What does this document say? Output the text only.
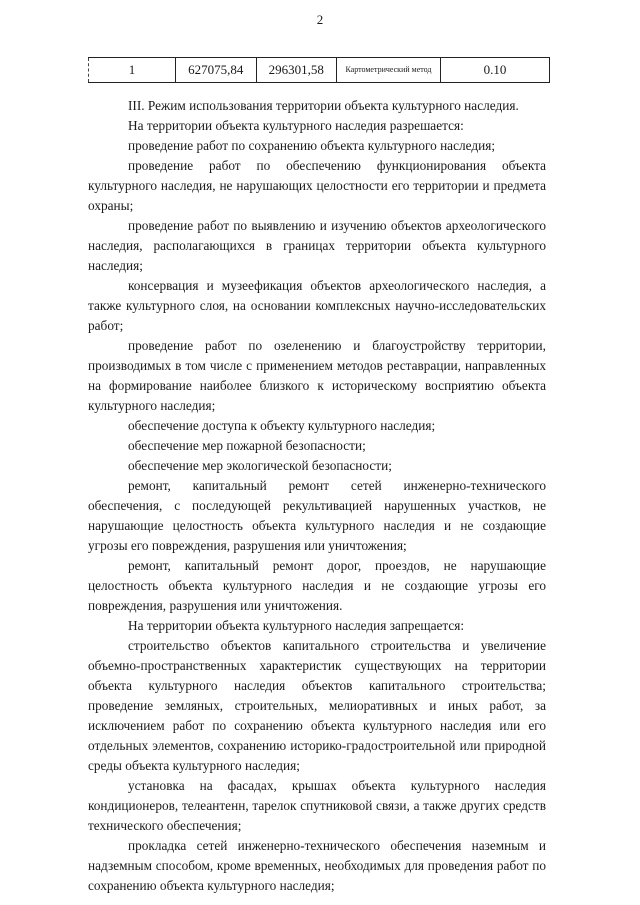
2
1	627075,84	296301,58	Картометрический метод	0.10

III. Режим использования территории объекта культурного наследия.

На территории объекта культурного наследия разрешается:

проведение работ по сохранению объекта культурного наследия;

проведение работ по обеспечению функционирования объекта культурного наследия, не нарушающих целостности его территории и предмета охраны;

проведение работ по выявлению и изучению объектов археологического наследия, располагающихся в границах территории объекта культурного наследия;

консервация и музеефикация объектов археологического наследия, а также культурного слоя, на основании комплексных научно-исследовательских работ;

проведение работ по озеленению и благоустройству территории, производимых в том числе с применением методов реставрации, направленных на формирование наиболее близкого к историческому восприятию объекта культурного наследия;

обеспечение доступа к объекту культурного наследия;

обеспечение мер пожарной безопасности;

обеспечение мер экологической безопасности;

ремонт, капитальный ремонт сетей инженерно-технического обеспечения, с последующей рекультивацией нарушенных участков, не нарушающие целостность объекта культурного наследия и не создающие угрозы его повреждения, разрушения или уничтожения;

ремонт, капитальный ремонт дорог, проездов, не нарушающие целостность объекта культурного наследия и не создающие угрозы его повреждения, разрушения или уничтожения.

На территории объекта культурного наследия запрещается:

строительство объектов капитального строительства и увеличение объемно-пространственных характеристик существующих на территории объекта культурного наследия объектов капитального строительства; проведение земляных, строительных, мелиоративных и иных работ, за исключением работ по сохранению объекта культурного наследия или его отдельных элементов, сохранению историко-градостроительной или природной среды объекта культурного наследия;

установка на фасадах, крышах объекта культурного наследия кондиционеров, телеантенн, тарелок спутниковой связи, а также других средств технического обеспечения;

прокладка сетей инженерно-технического обеспечения наземным и надземным способом, кроме временных, необходимых для проведения работ по сохранению объекта культурного наследия;
